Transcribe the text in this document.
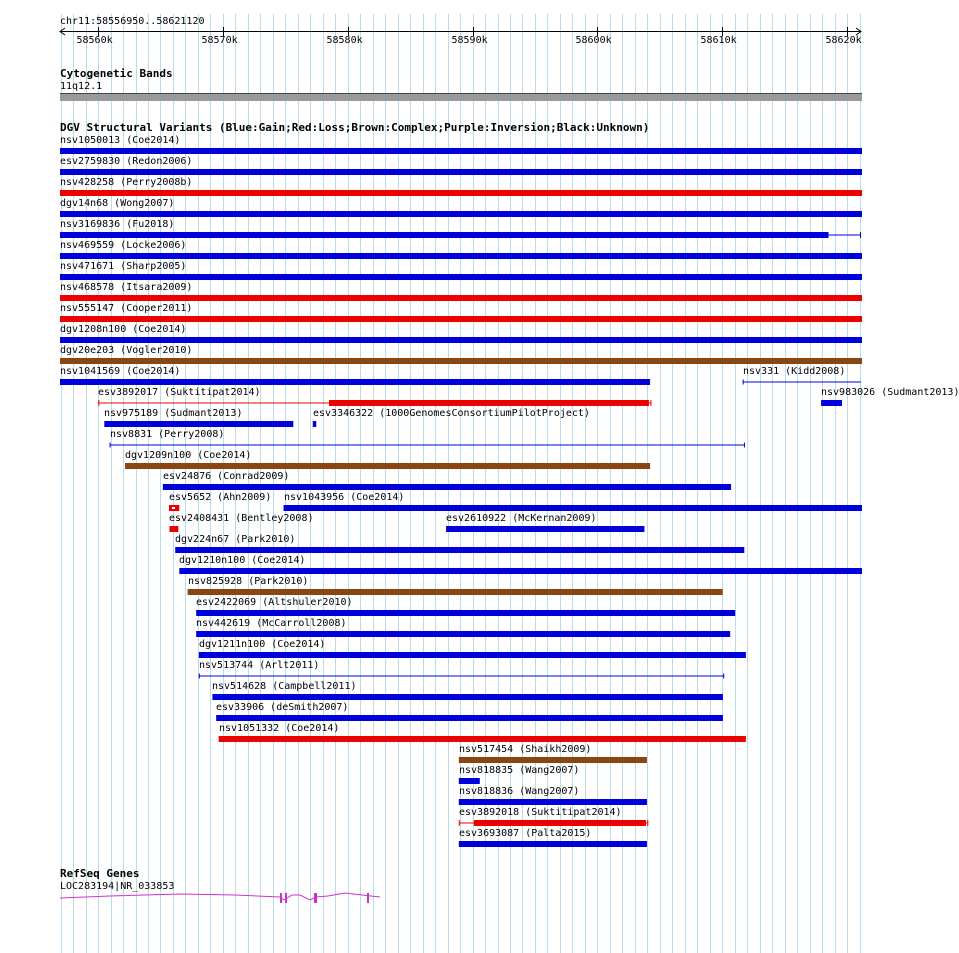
chr11:58556950..58621120
58560k	58570k	58580k	58590k	58600k	58610k	58620k
Cytogenetic Bands
11q12.1
DGV Structural Variants (Blue:Gain;Red:Loss;Brown:Complex;Purple:Inversion;Black:Unknown)
nsv1050013 (Coe2014)
esv2759830 (Redon2006)
nsv428258 (Perry2008b)
dgv14n68 (Wong2007)
nsv3169836 (Fu2018)
nsv469559 (Locke2006)
nsv471671 (Sharp2005)
nsv468578 (Itsara2009)
nsv555147 (Cooper2011)
dgv1208n100 (Coe2014)
dgv20e203 (Vogler2010)
nsv1041569 (Coe2014)	nsv331 (Kidd2008)
nsv983026 (Sudmant2013)
esv3892017 (Suktitipat2014)
nsv975189 (Sudmant2013)	esv3346322 (1000GenomesConsortiumPilotProject)
nsv8831 (Perry2008)
dgv1209n100 (Coe2014)
esv24876 (Conrad2009)
esv5652 (Ahn2009) nsv1043956 (Coe2014)
esv2408431 (Bentley2008)	esv2610922 (McKernan2009)
dgv224n67 (Park2010)
dgv1210n100 (Coe2014)
nsv825928 (Park2010)
esv2422069 (Altshuler2010)
nsv442619 (McCarroll2008)
dgv1211n100 (Coe2014)
nsv513744 (Arlt2011)
nsv514628 (Campbell2011)
esv33906 (deSmith2007)
nsv1051332 (Coe2014)
nsv517454 (Shaikh2009)
nsv818835 (Wang2007)
nsv818836 (Wang2007)
esv3892018 (Suktitipat2014)
esv3693087 (Palta2015)
RefSeq Genes
LOC283194|NR_033853
